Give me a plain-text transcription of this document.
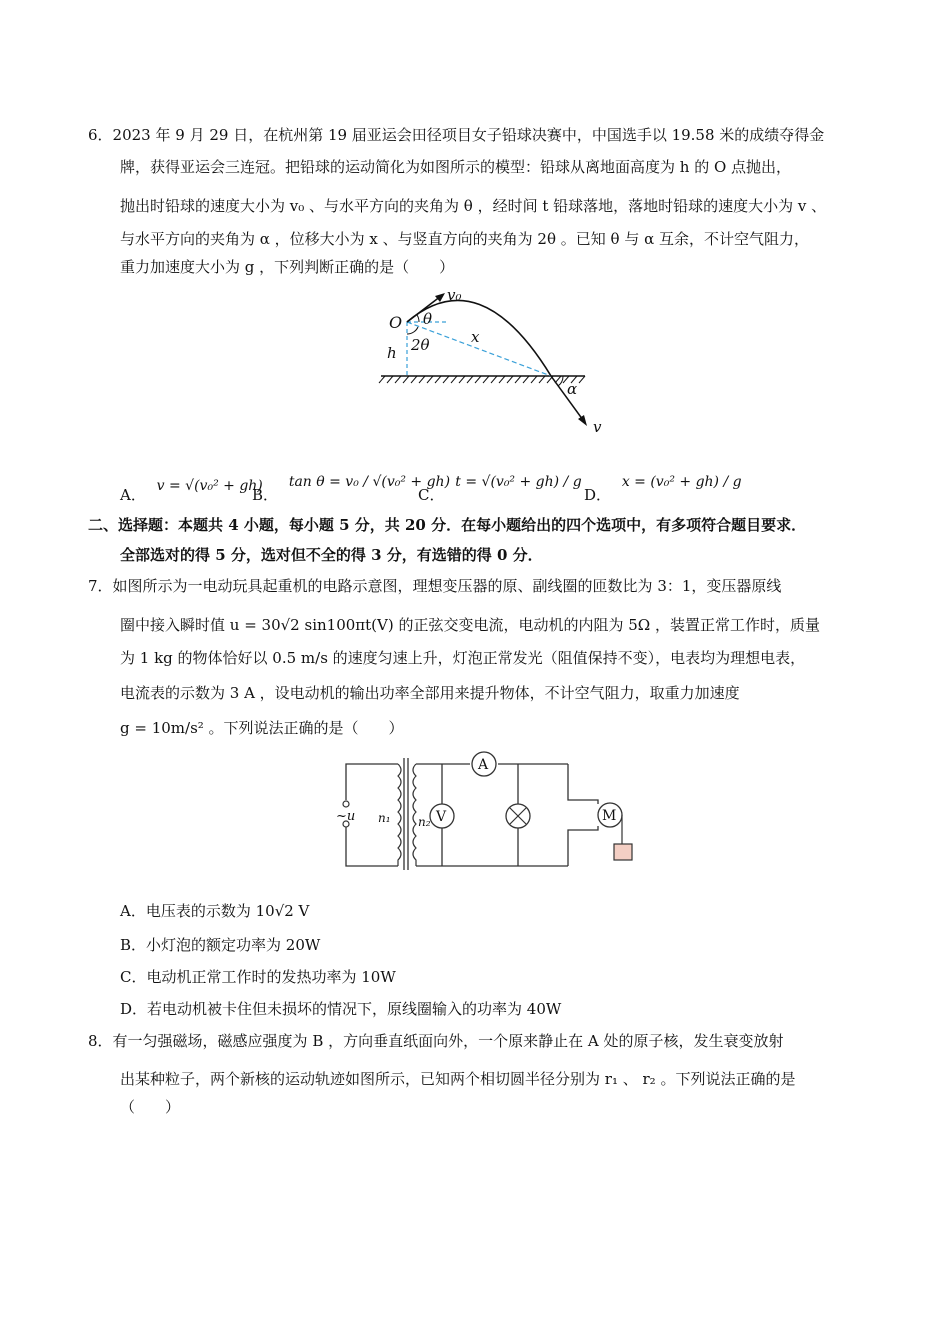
6．2023 年 9 月 29 日，在杭州第 19 届亚运会田径项目女子铅球决赛中，中国选手以 19.58 米的成绩夺得金
牌，获得亚运会三连冠。把铅球的运动简化为如图所示的模型：铅球从离地面高度为 h 的 O 点抛出，
抛出时铅球的速度大小为 v₀ 、与水平方向的夹角为 θ ，经时间 t 铅球落地，落地时铅球的速度大小为 v 、
与水平方向的夹角为 α ，位移大小为 x 、与竖直方向的夹角为 2θ 。已知 θ 与 α 互余，不计空气阻力，
重力加速度大小为 g ，下列判断正确的是（　　）
O θ
2θ
h
x
α
v₀
v
A． v = √(v₀² + gh)
B． tan θ = v₀ / √(v₀² + gh)
C． t = √(v₀² + gh) / g
D． x = (v₀² + gh) / g
二、选择题：本题共 4 小题，每小题 5 分，共 20 分．在每小题给出的四个选项中，有多项符合题目要求．
全部选对的得 5 分，选对但不全的得 3 分，有选错的得 0 分．
7．如图所示为一电动玩具起重机的电路示意图，理想变压器的原、副线圈的匝数比为 3：1，变压器原线
圈中接入瞬时值 u = 30√2 sin100πt(V) 的正弦交变电流，电动机的内阻为 5Ω ，装置正常工作时，质量
为 1 kg 的物体恰好以 0.5 m/s 的速度匀速上升，灯泡正常发光（阻值保持不变），电表均为理想电表，
电流表的示数为 3 A ，设电动机的输出功率全部用来提升物体，不计空气阻力，取重力加速度
g = 10m/s² 。下列说法正确的是（　　）
~u n₁ n₂
A
V	M
A．电压表的示数为 10√2 V
B．小灯泡的额定功率为 20W
C．电动机正常工作时的发热功率为 10W
D．若电动机被卡住但未损坏的情况下，原线圈输入的功率为 40W
8．有一匀强磁场，磁感应强度为 B ，方向垂直纸面向外，一个原来静止在 A 处的原子核，发生衰变放射
出某种粒子，两个新核的运动轨迹如图所示，已知两个相切圆半径分别为 r₁ 、 r₂ 。下列说法正确的是
（　　）
